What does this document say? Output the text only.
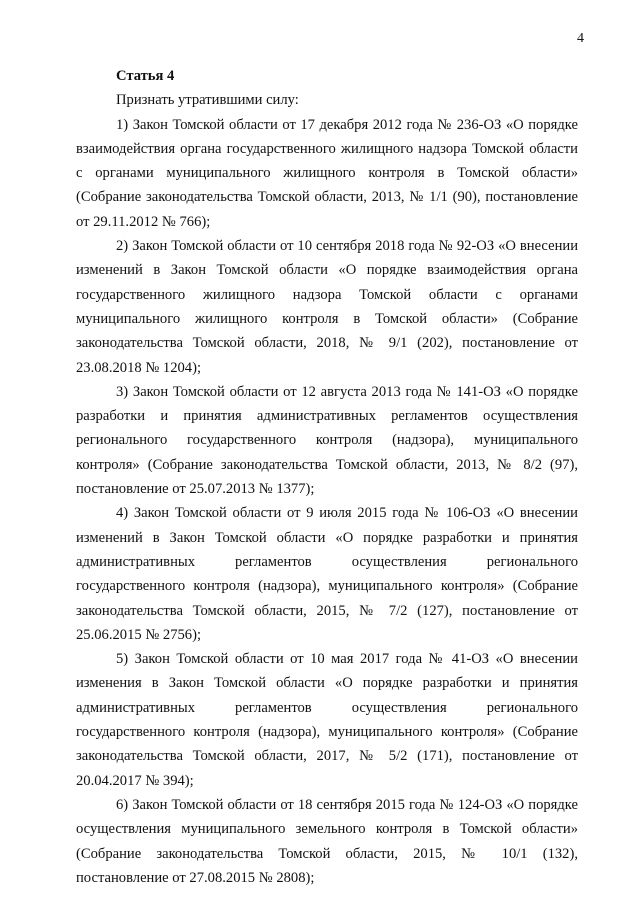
4

Статья 4

Признать утратившими силу:

1) Закон Томской области от 17 декабря 2012 года № 236-ОЗ «О порядке взаимодействия органа государственного жилищного надзора Томской области с органами муниципального жилищного контроля в Томской области» (Собрание законодательства Томской области, 2013, № 1/1 (90), постановление от 29.11.2012 № 766);

2) Закон Томской области от 10 сентября 2018 года № 92-ОЗ «О внесении изменений в Закон Томской области «О порядке взаимодействия органа государственного жилищного надзора Томской области с органами муниципального жилищного контроля в Томской области» (Собрание законодательства Томской области, 2018, № 9/1 (202), постановление от 23.08.2018 № 1204);

3) Закон Томской области от 12 августа 2013 года № 141-ОЗ «О порядке разработки и принятия административных регламентов осуществления регионального государственного контроля (надзора), муниципального контроля» (Собрание законодательства Томской области, 2013, № 8/2 (97), постановление от 25.07.2013 № 1377);

4) Закон Томской области от 9 июля 2015 года № 106-ОЗ «О внесении изменений в Закон Томской области «О порядке разработки и принятия административных регламентов осуществления регионального государственного контроля (надзора), муниципального контроля» (Собрание законодательства Томской области, 2015, № 7/2 (127), постановление от 25.06.2015 № 2756);

5) Закон Томской области от 10 мая 2017 года № 41-ОЗ «О внесении изменения в Закон Томской области «О порядке разработки и принятия административных регламентов осуществления регионального государственного контроля (надзора), муниципального контроля» (Собрание законодательства Томской области, 2017, № 5/2 (171), постановление от 20.04.2017 № 394);

6) Закон Томской области от 18 сентября 2015 года № 124-ОЗ «О порядке осуществления муниципального земельного контроля в Томской области» (Собрание законодательства Томской области, 2015, № 10/1 (132), постановление от 27.08.2015 № 2808);
